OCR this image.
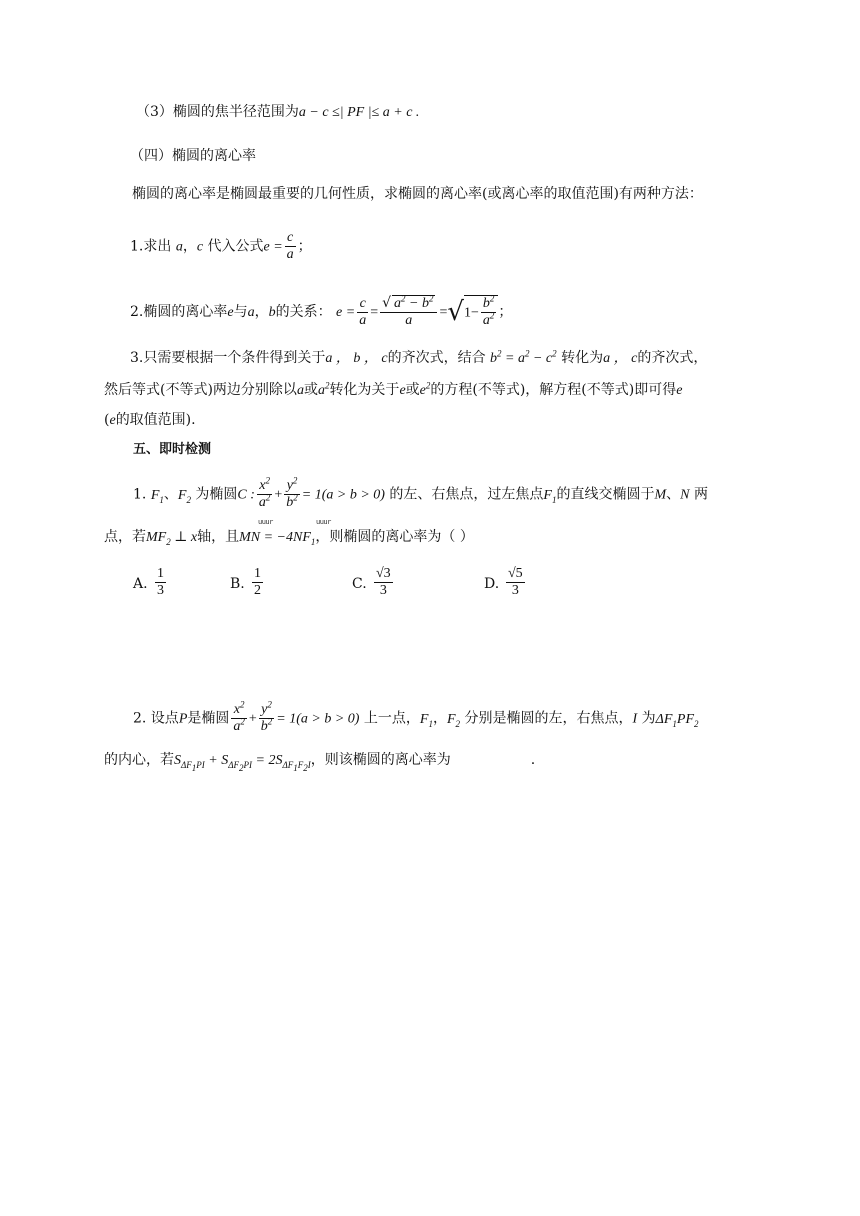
（3）椭圆的焦半径范围为a − c ≤| PF |≤ a + c .
（四）椭圆的离心率
椭圆的离心率是椭圆最重要的几何性质，求椭圆的离心率(或离心率的取值范围)有两种方法：
1.求出 a，c 代入公式$e = \frac{c}{a}$ ；
2.椭圆的离心率e与a，b的关系： $e = \frac{c}{a} = \frac{√ a^2 - b^2}{a} =√1- \frac{b^2}{a^2}$ ；
3.只需要根据一个条件得到关于a ， b ， c的齐次式，结合 $b^2 = a^2 - c^2$ 转化为a ， c的齐次式，
然后等式(不等式)两边分别除以a或$a^2$转化为关于e或$e^2$的方程(不等式)，解方程(不等式)即可得e
(e的取值范围).
五、即时检测
1. $F_1$、$F_2$ 为椭圆C : $\frac{x^2}{a^2} + \frac{y^2}{b^2} = 1(a > b > 0)$ 的左、右焦点，过左焦点$F_1$的直线交椭圆于M、N 两
uuur	uuur
点，若$MF_2$ ⊥ x轴，且MN = $-4NF_1$，则椭圆的离心率为（ ）
A. $\frac{1}{3}$	B. $\frac{1}{2}$	C. $\frac{√3}{3}$	D. $\frac{√5}{3}$
2. 设点P是椭圆 $\frac{x^2}{a^2} + \frac{y^2}{b^2} = 1(a > b > 0)$ 上一点，$F_1$，$F_2$ 分别是椭圆的左，右焦点，I 为$\Delta F_1PF_2$
的内心，若$S_{\Delta F_1PI} + S_{\Delta F_2PI} = 2S_{\Delta F_1F_2I}$，则该椭圆的离心率为	.
